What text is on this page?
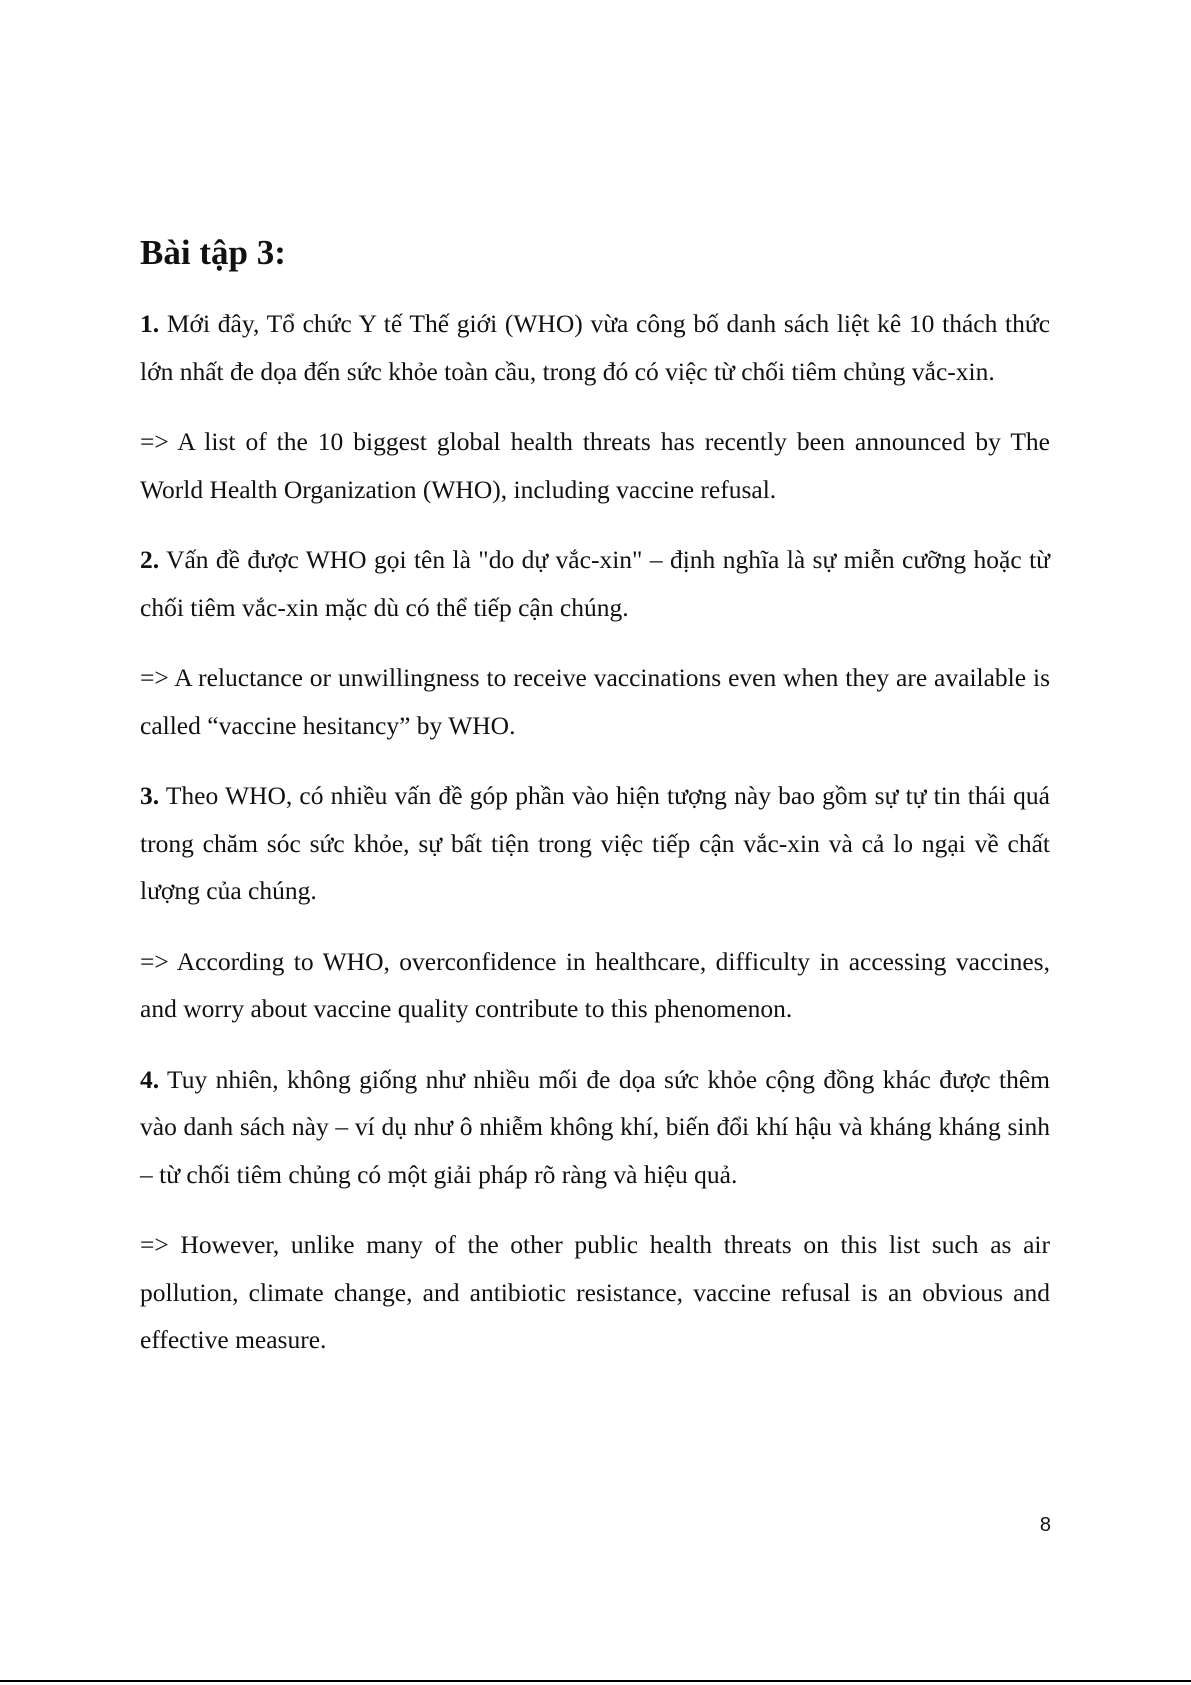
Bài tập 3:

1. Mới đây, Tổ chức Y tế Thế giới (WHO) vừa công bố danh sách liệt kê 10 thách thức lớn nhất đe dọa đến sức khỏe toàn cầu, trong đó có việc từ chối tiêm chủng vắc-xin.

=> A list of the 10 biggest global health threats has recently been announced by The World Health Organization (WHO), including vaccine refusal.

2. Vấn đề được WHO gọi tên là "do dự vắc-xin" – định nghĩa là sự miễn cưỡng hoặc từ chối tiêm vắc-xin mặc dù có thể tiếp cận chúng.

=> A reluctance or unwillingness to receive vaccinations even when they are available is called “vaccine hesitancy” by WHO.

3. Theo WHO, có nhiều vấn đề góp phần vào hiện tượng này bao gồm sự tự tin thái quá trong chăm sóc sức khỏe, sự bất tiện trong việc tiếp cận vắc-xin và cả lo ngại về chất lượng của chúng.

=> According to WHO, overconfidence in healthcare, difficulty in accessing vaccines, and worry about vaccine quality contribute to this phenomenon.

4. Tuy nhiên, không giống như nhiều mối đe dọa sức khỏe cộng đồng khác được thêm vào danh sách này – ví dụ như ô nhiễm không khí, biến đổi khí hậu và kháng kháng sinh – từ chối tiêm chủng có một giải pháp rõ ràng và hiệu quả.

=> However, unlike many of the other public health threats on this list such as air pollution, climate change, and antibiotic resistance, vaccine refusal is an obvious and effective measure.

8
